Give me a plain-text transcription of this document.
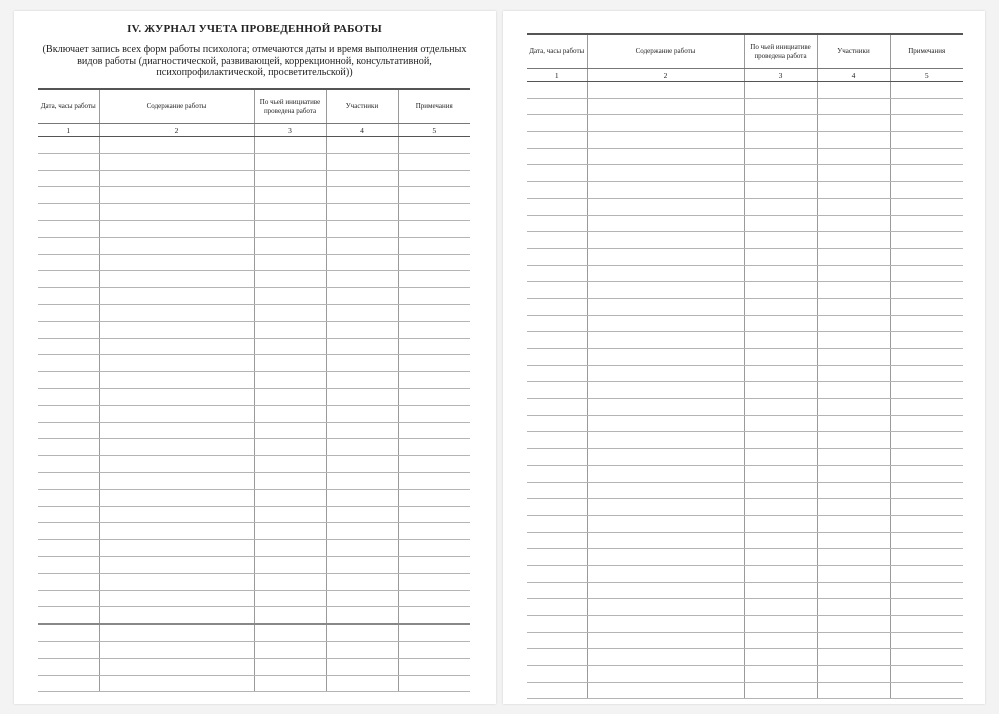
IV. ЖУРНАЛ УЧЕТА ПРОВЕДЕННОЙ РАБОТЫ
(Включает запись всех форм работы психолога; отмечаются даты и время выполнения отдельных
видов работы (диагностической, развивающей, коррекционной, консультативной,
психопрофилактической, просветительской))
Дата, часы работы	Содержание работы	По чьей инициативе проведена работа	Участники	Примечания
1	2	3	4	5

Дата, часы работы	Содержание работы	По чьей инициативе проведена работа	Участники	Примечания
1	2	3	4	5
